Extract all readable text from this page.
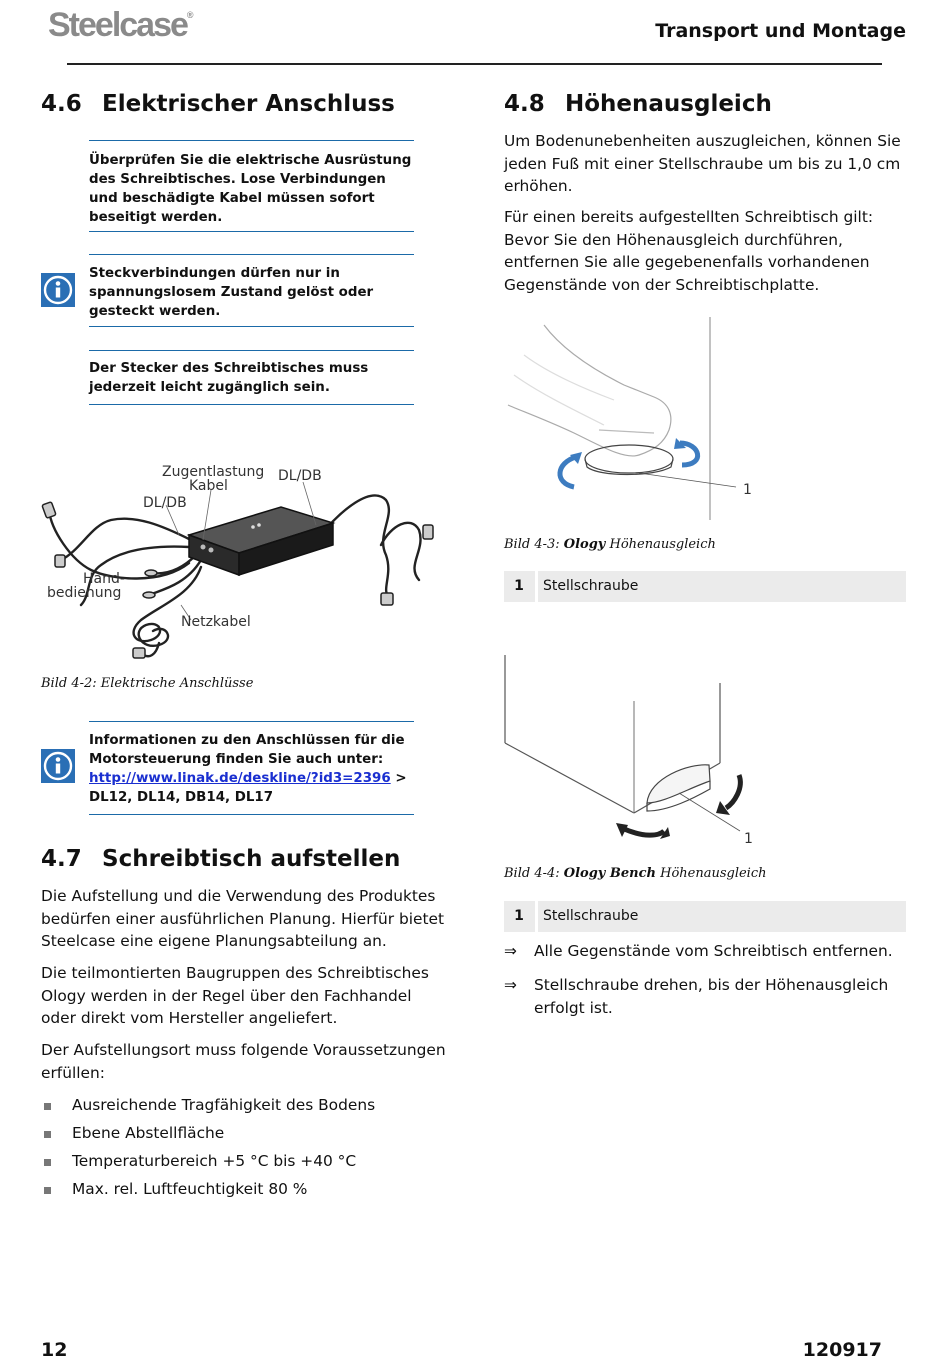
Steelcase®
Transport und Montage
4.6 Elektrischer Anschluss
Überprüfen Sie die elektrische Ausrüstung des Schreibtisches. Lose Verbindungen und beschädigte Kabel müssen sofort beseitigt werden.
Steckverbindungen dürfen nur in spannungslosem Zustand gelöst oder gesteckt werden.
Der Stecker des Schreibtisches muss jederzeit leicht zugänglich sein.
Zugentlastung
Kabel
DL/DB
DL/DB
Hand-
bedienung
Netzkabel
Bild 4-2: Elektrische Anschlüsse
Informationen zu den Anschlüssen für die Motorsteuerung finden Sie auch unter:
http://www.linak.de/deskline/?id3=2396 >
DL12, DL14, DB14, DL17
4.7 Schreibtisch aufstellen
Die Aufstellung und die Verwendung des Produktes bedürfen einer ausführlichen Planung. Hierfür bietet Steelcase eine eigene Planungsabteilung an.
Die teilmontierten Baugruppen des Schreibtisches Ology werden in der Regel über den Fachhandel oder direkt vom Hersteller angeliefert.
Der Aufstellungsort muss folgende Voraussetzungen erfüllen:
Ausreichende Tragfähigkeit des Bodens
Ebene Abstellfläche
Temperaturbereich +5 °C bis +40 °C
Max. rel. Luftfeuchtigkeit 80 %
4.8 Höhenausgleich
Um Bodenunebenheiten auszugleichen, können Sie jeden Fuß mit einer Stellschraube um bis zu 1,0 cm erhöhen.
Für einen bereits aufgestellten Schreibtisch gilt: Bevor Sie den Höhenausgleich durchführen, entfernen Sie alle gegebenenfalls vorhandenen Gegenstände von der Schreibtischplatte.
1
Bild 4-3: Ology Höhenausgleich
1	Stellschraube
1
Bild 4-4: Ology Bench Höhenausgleich
1	Stellschraube
⇒ Alle Gegenstände vom Schreibtisch entfernen.
⇒ Stellschraube drehen, bis der Höhenausgleich erfolgt ist.
12	120917
